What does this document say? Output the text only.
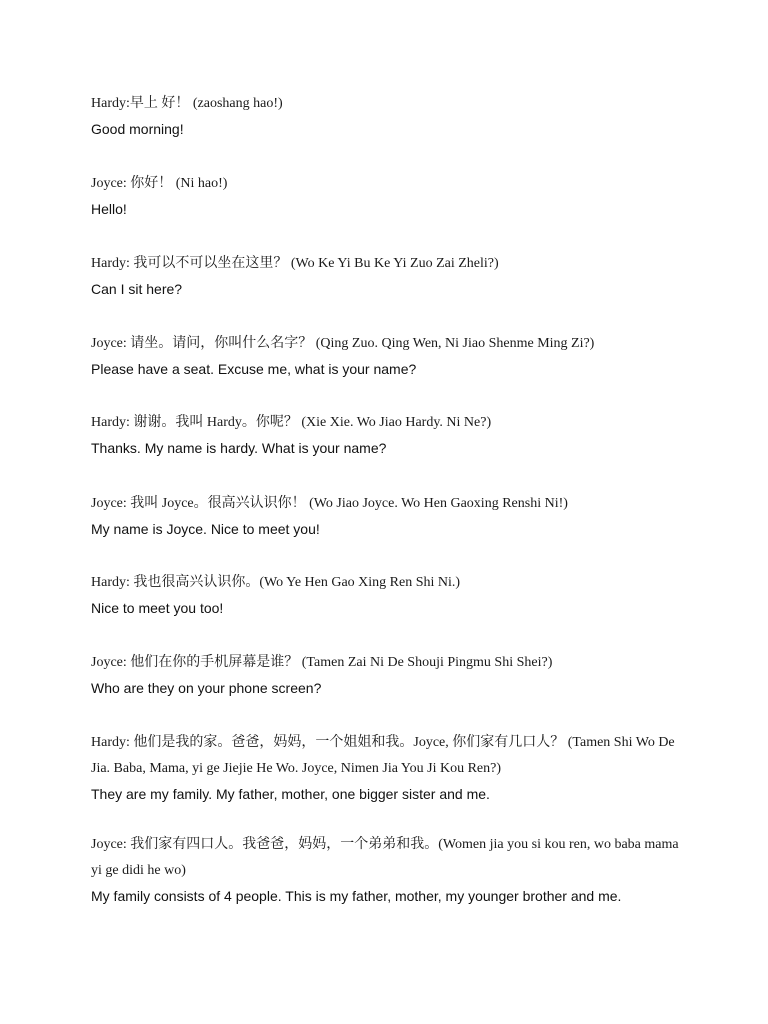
Hardy:早上 好！ (zaoshang hao!)

Good morning!

Joyce: 你好！ (Ni hao!)

Hello!

Hardy: 我可以不可以坐在这里？ (Wo Ke Yi Bu Ke Yi Zuo Zai Zheli?)

Can I sit here?

Joyce: 请坐。请问，你叫什么名字？ (Qing Zuo. Qing Wen, Ni Jiao Shenme Ming Zi?)

Please have a seat. Excuse me, what is your name?

Hardy: 谢谢。我叫 Hardy。你呢？ (Xie Xie. Wo Jiao Hardy. Ni Ne?)

Thanks. My name is hardy. What is your name?

Joyce: 我叫 Joyce。很高兴认识你！ (Wo Jiao Joyce. Wo Hen Gaoxing Renshi Ni!)

My name is Joyce. Nice to meet you!

Hardy: 我也很高兴认识你。(Wo Ye Hen Gao Xing Ren Shi Ni.)

Nice to meet you too!

Joyce: 他们在你的手机屏幕是谁？ (Tamen Zai Ni De Shouji Pingmu Shi Shei?)

Who are they on your phone screen?

Hardy: 他们是我的家。爸爸，妈妈，一个姐姐和我。Joyce, 你们家有几口人？ (Tamen Shi Wo De Jia. Baba, Mama, yi ge Jiejie He Wo. Joyce, Nimen Jia You Ji Kou Ren?)

They are my family. My father, mother, one bigger sister and me.

Joyce: 我们家有四口人。我爸爸，妈妈，一个弟弟和我。(Women jia you si kou ren, wo baba mama yi ge didi he wo)

My family consists of 4 people. This is my father, mother, my younger brother and me.
